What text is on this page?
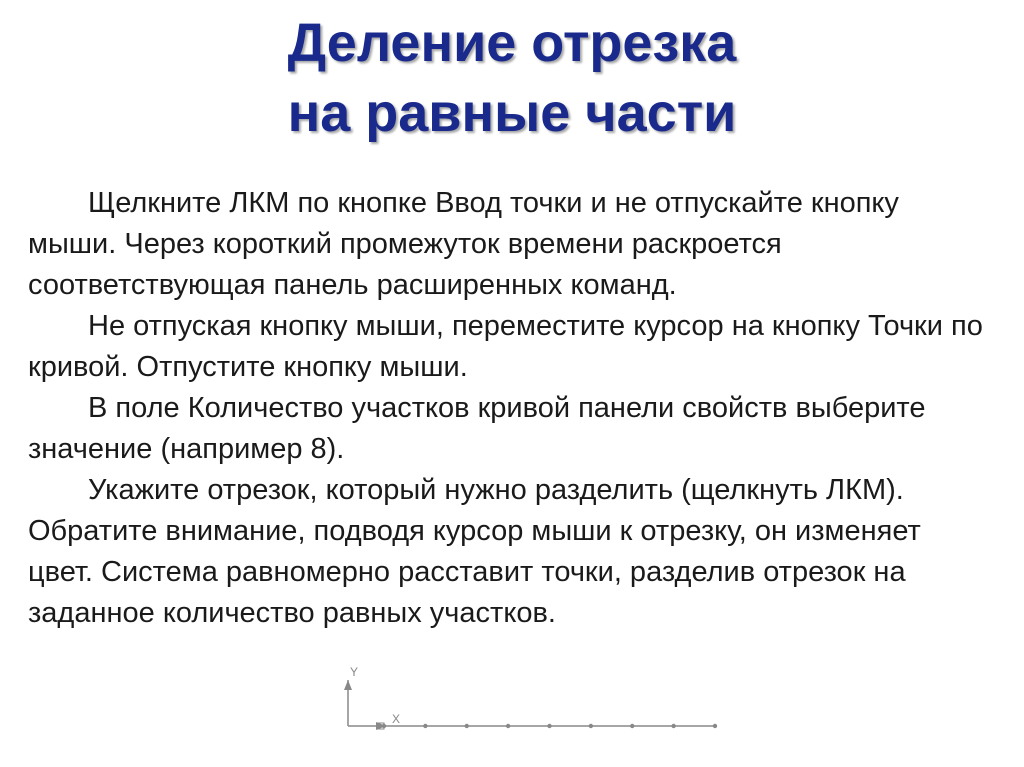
Деление отрезка
на равные части

Щелкните ЛКМ по кнопке Ввод точки и не отпускайте кнопку мыши. Через короткий промежуток времени раскроется соответствующая панель расширенных команд.

Не отпуская кнопку мыши, переместите курсор на кнопку Точки по кривой. Отпустите кнопку мыши.

В поле Количество участков кривой панели свойств выберите значение (например 8).

Укажите отрезок, который нужно разделить (щелкнуть ЛКМ). Обратите внимание, подводя курсор мыши к отрезку, он изменяет цвет. Система равномерно расставит точки, разделив отрезок на заданное количество равных участков.

Y
X
